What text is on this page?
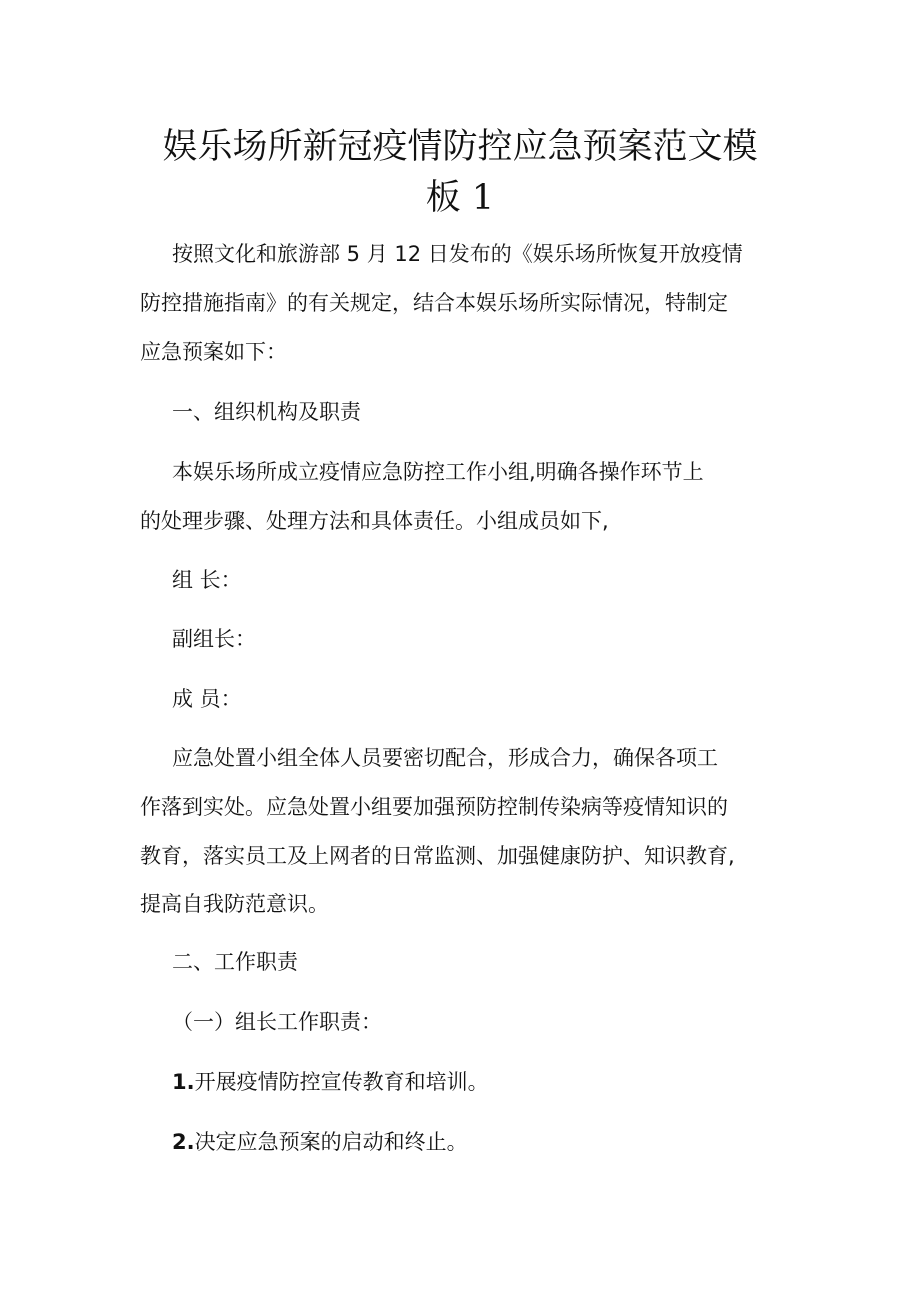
娱乐场所新冠疫情防控应急预案范文模
板 1
按照文化和旅游部 5 月 12 日发布的《娱乐场所恢复开放疫情
防控措施指南》的有关规定，结合本娱乐场所实际情况，特制定
应急预案如下：
一、组织机构及职责
本娱乐场所成立疫情应急防控工作小组,明确各操作环节上
的处理步骤、处理方法和具体责任。小组成员如下,
组 长：
副组长：
成 员：
应急处置小组全体人员要密切配合，形成合力，确保各项工
作落到实处。应急处置小组要加强预防控制传染病等疫情知识的
教育，落实员工及上网者的日常监测、加强健康防护、知识教育,
提高自我防范意识。
二、工作职责
（一）组长工作职责：
1.开展疫情防控宣传教育和培训。
2.决定应急预案的启动和终止。
